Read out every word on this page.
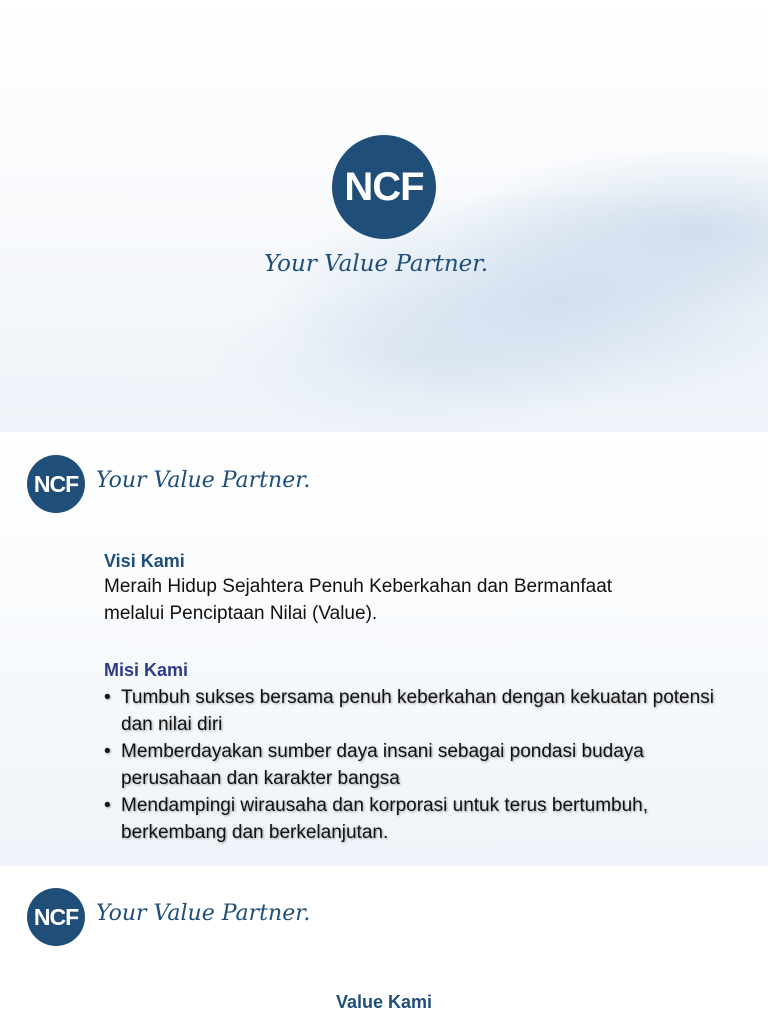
NCF
Your Value Partner.
NCF Your Value Partner.
Visi Kami
Meraih Hidup Sejahtera Penuh Keberkahan dan Bermanfaat
melalui Penciptaan Nilai (Value).
Misi Kami
• Tumbuh sukses bersama penuh keberkahan dengan kekuatan potensi dan nilai diri
• Memberdayakan sumber daya insani sebagai pondasi budaya perusahaan dan karakter bangsa
• Mendampingi wirausaha dan korporasi untuk terus bertumbuh, berkembang dan berkelanjutan.
NCF Your Value Partner.
Value Kami
